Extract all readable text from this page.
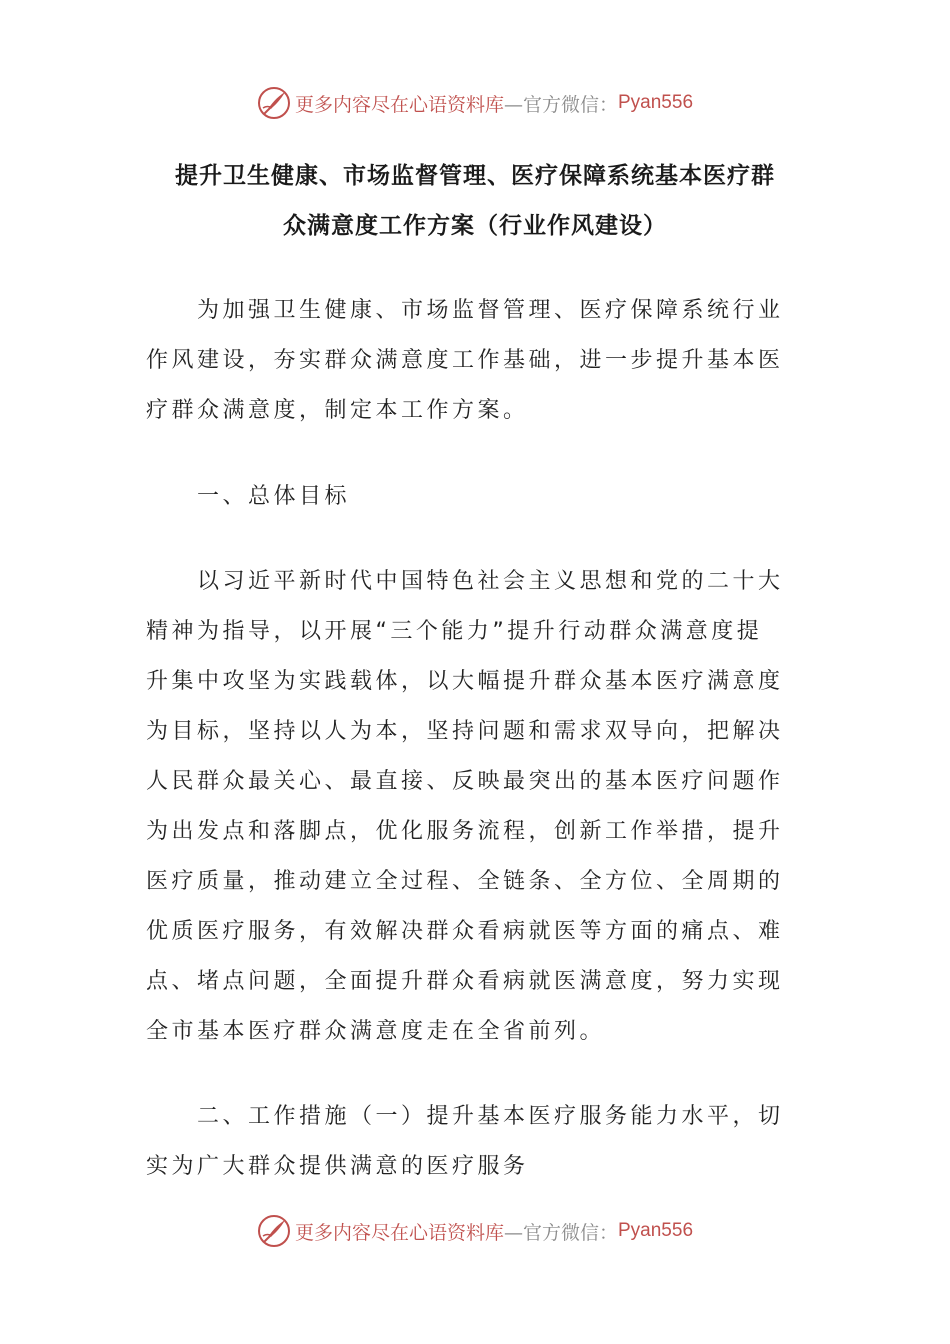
更多内容尽在心语资料库 —官方微信： Pyan556
提升卫生健康、市场监督管理、医疗保障系统基本医疗群
众满意度工作方案（行业作风建设）
为加强卫生健康、市场监督管理、医疗保障系统行业
作风建设，夯实群众满意度工作基础，进一步提升基本医
疗群众满意度，制定本工作方案。
一、总体目标
以习近平新时代中国特色社会主义思想和党的二十大
精神为指导，以开展“三个能力”提升行动群众满意度提
升集中攻坚为实践载体，以大幅提升群众基本医疗满意度
为目标，坚持以人为本，坚持问题和需求双导向，把解决
人民群众最关心、最直接、反映最突出的基本医疗问题作
为出发点和落脚点，优化服务流程，创新工作举措，提升
医疗质量，推动建立全过程、全链条、全方位、全周期的
优质医疗服务，有效解决群众看病就医等方面的痛点、难
点、堵点问题，全面提升群众看病就医满意度，努力实现
全市基本医疗群众满意度走在全省前列。
二、工作措施（一）提升基本医疗服务能力水平，切
实为广大群众提供满意的医疗服务
更多内容尽在心语资料库 —官方微信： Pyan556
